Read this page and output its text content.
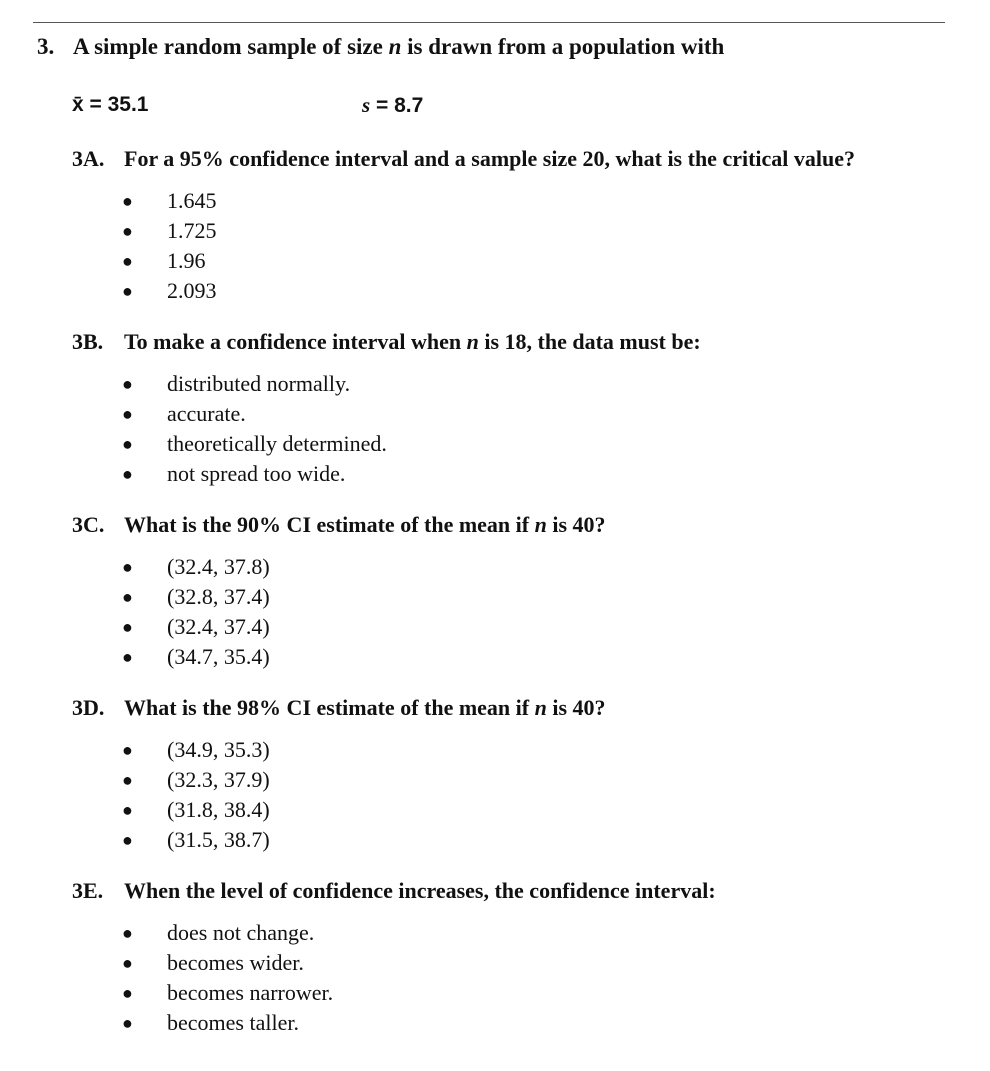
3. A simple random sample of size n is drawn from a population with
x̄ = 35.1	s = 8.7
3A. For a 95% confidence interval and a sample size 20, what is the critical value?
● 1.645
● 1.725
● 1.96
● 2.093
3B. To make a confidence interval when n is 18, the data must be:
● distributed normally.
● accurate.
● theoretically determined.
● not spread too wide.
3C. What is the 90% CI estimate of the mean if n is 40?
● (32.4, 37.8)
● (32.8, 37.4)
● (32.4, 37.4)
● (34.7, 35.4)
3D. What is the 98% CI estimate of the mean if n is 40?
● (34.9, 35.3)
● (32.3, 37.9)
● (31.8, 38.4)
● (31.5, 38.7)
3E. When the level of confidence increases, the confidence interval:
● does not change.
● becomes wider.
● becomes narrower.
● becomes taller.
